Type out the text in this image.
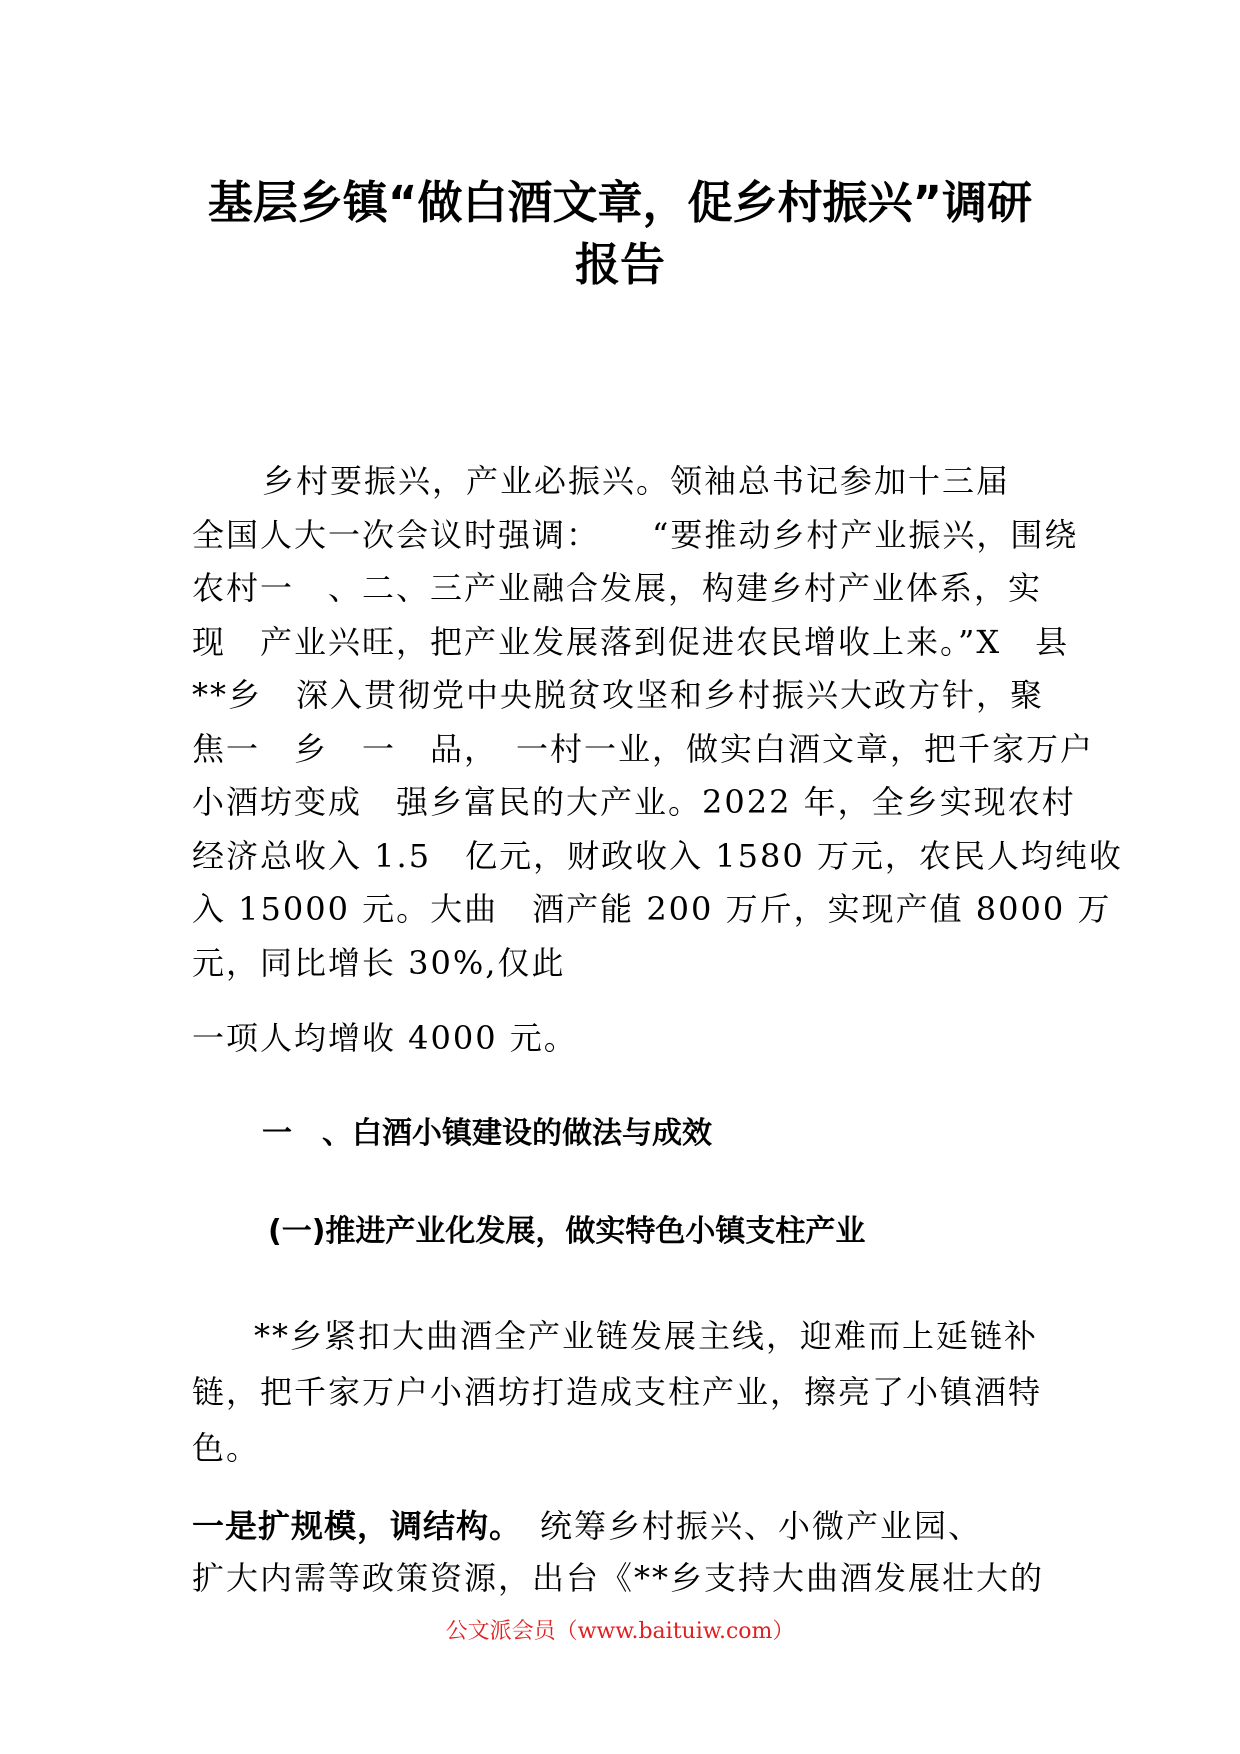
基层乡镇“做白酒文章，促乡村振兴”调研
报告

乡村要振兴，产业必振兴。领袖总书记参加十三届
全国人大一次会议时强调：　　“要推动乡村产业振兴，围绕
农村一　、二、三产业融合发展，构建乡村产业体系，实
现　产业兴旺，把产业发展落到促进农民增收上来。”X　县
**乡　深入贯彻党中央脱贫攻坚和乡村振兴大政方针，聚
焦一　乡　一　品，　一村一业，做实白酒文章，把千家万户
小酒坊变成　强乡富民的大产业。2022 年，全乡实现农村
经济总收入 1.5　亿元，财政收入 1580 万元，农民人均纯收
入 15000 元。大曲　酒产能 200 万斤，实现产值 8000 万
元，同比增长 30%,仅此

一项人均增收 4000 元。

一　、白酒小镇建设的做法与成效
(一)推进产业化发展，做实特色小镇支柱产业

**乡紧扣大曲酒全产业链发展主线，迎难而上延链补
链，把千家万户小酒坊打造成支柱产业，擦亮了小镇酒特
色。

一是扩规模，调结构。　统筹乡村振兴、小微产业园、
扩大内需等政策资源，出台《**乡支持大曲酒发展壮大的

公文派会员（www.baituiw.com）
